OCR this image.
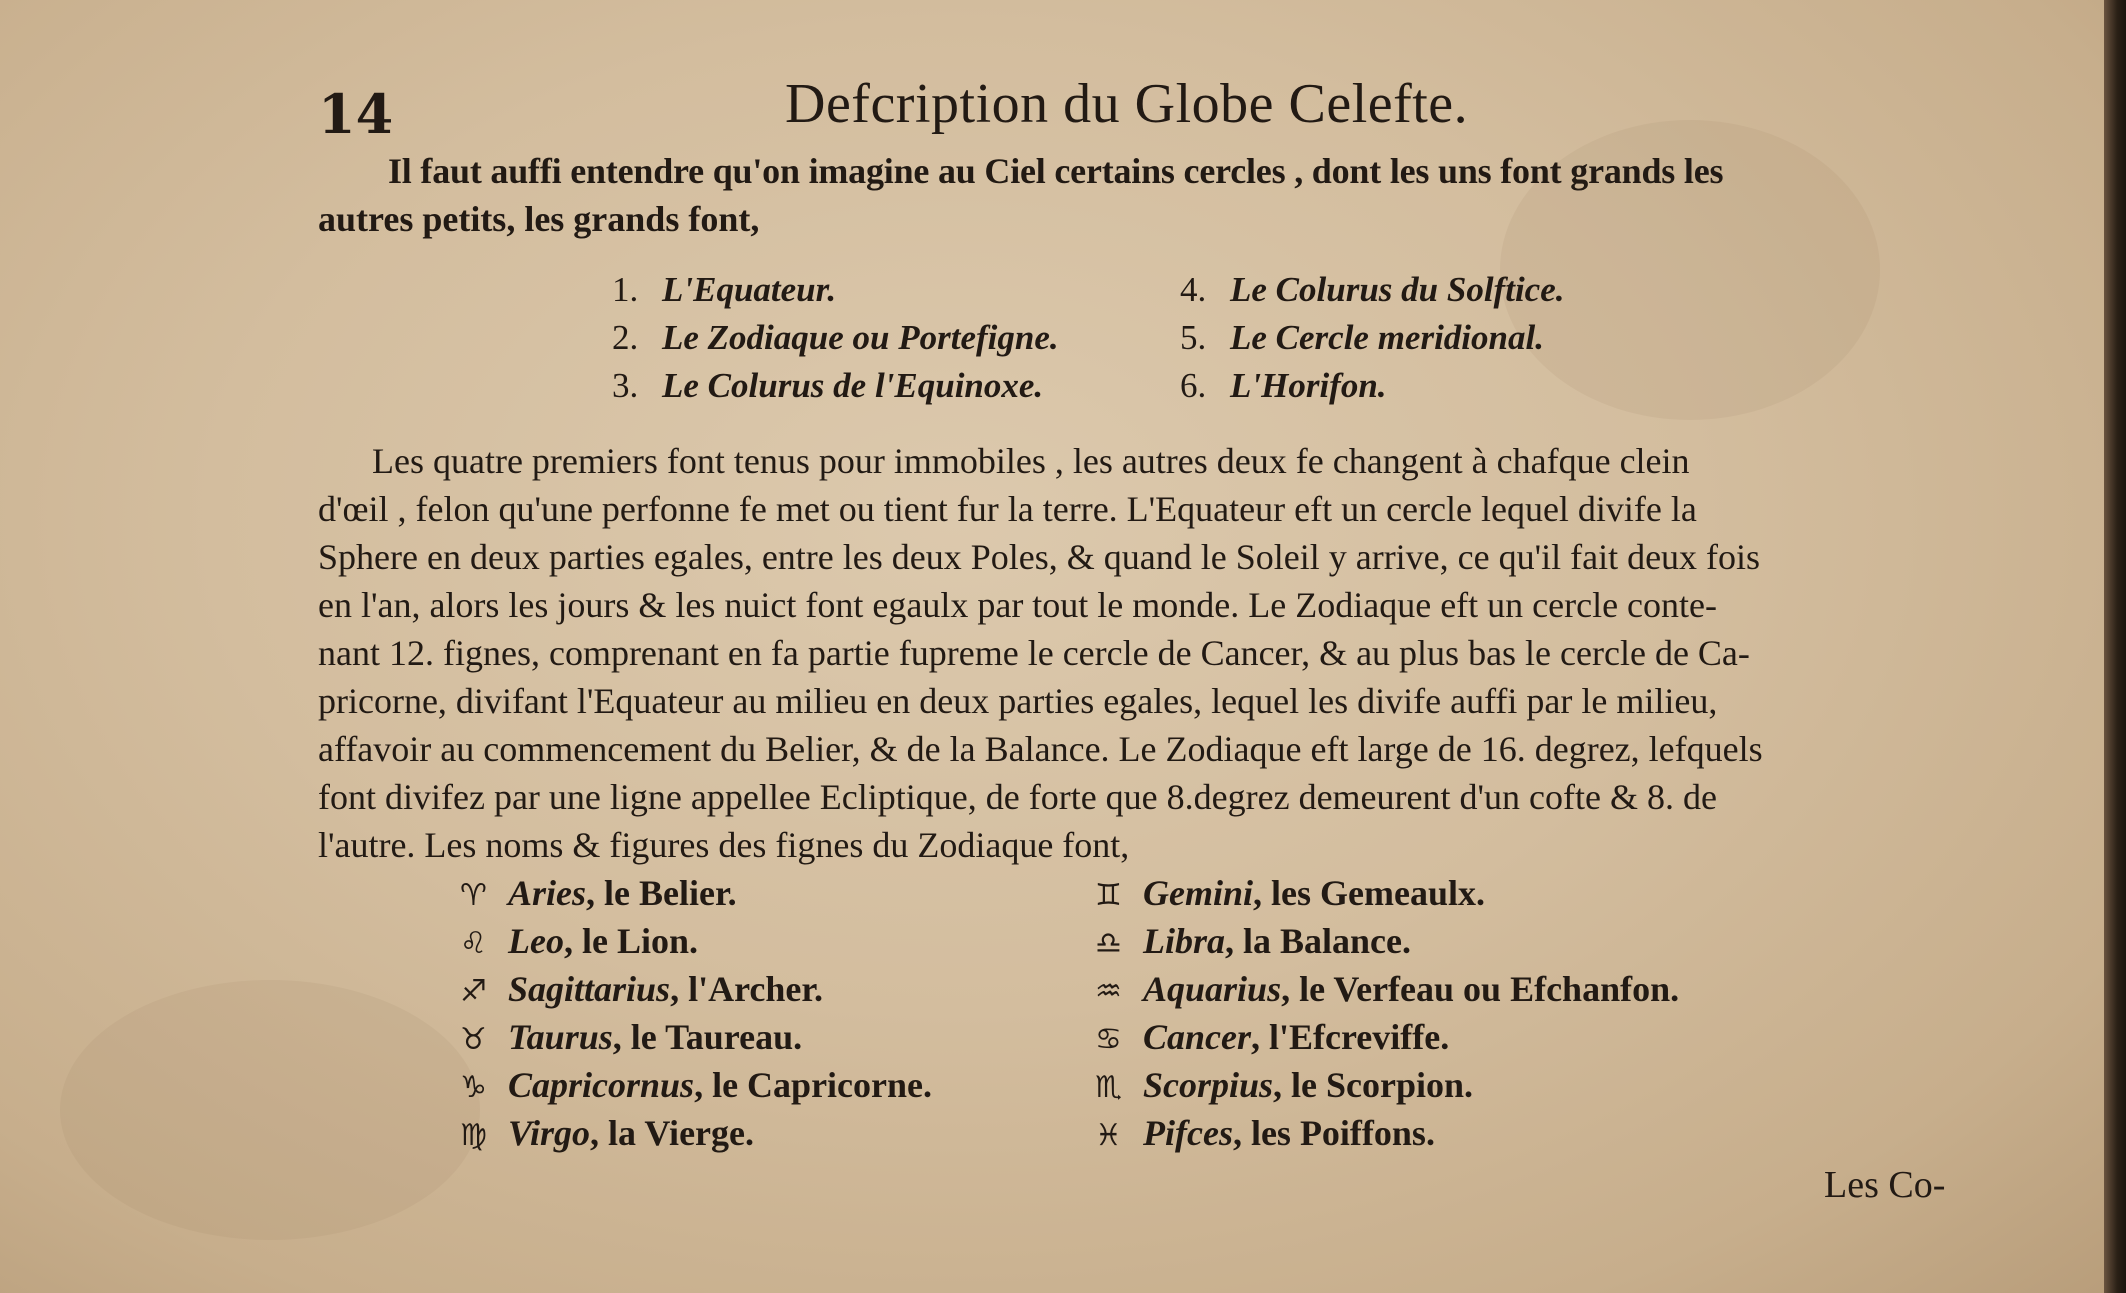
14	Defcription du Globe Celefte.
Il faut auffi entendre qu'on imagine au Ciel certains cercles , dont les uns font grands les
autres petits, les grands font,
1. L'Equateur.
2. Le Zodiaque ou Portefigne.
3. Le Colurus de l'Equinoxe.
4. Le Colurus du Solftice.
5. Le Cercle meridional.
6. L'Horifon.
Les quatre premiers font tenus pour immobiles , les autres deux fe changent à chafque clein
d'œil , felon qu'une perfonne fe met ou tient fur la terre. L'Equateur eft un cercle lequel divife la
Sphere en deux parties egales, entre les deux Poles, & quand le Soleil y arrive, ce qu'il fait deux fois
en l'an, alors les jours & les nuict font egaulx par tout le monde. Le Zodiaque eft un cercle conte-
nant 12. fignes, comprenant en fa partie fupreme le cercle de Cancer, & au plus bas le cercle de Ca-
pricorne, divifant l'Equateur au milieu en deux parties egales, lequel les divife auffi par le milieu,
affavoir au commencement du Belier, & de la Balance. Le Zodiaque eft large de 16. degrez, lefquels
font divifez par une ligne appellee Ecliptique, de forte que 8.degrez demeurent d'un cofte & 8. de
l'autre. Les noms & figures des fignes du Zodiaque font,
♈ Aries, le Belier.
♌ Leo, le Lion.
♐ Sagittarius, l'Archer.
♉ Taurus, le Taureau.
♑ Capricornus, le Capricorne.
♍ Virgo, la Vierge.
♊ Gemini, les Gemeaulx.
♎ Libra, la Balance.
♒ Aquarius, le Verfeau ou Efchanfon.
♋ Cancer, l'Efcreviffe.
♏ Scorpius, le Scorpion.
♓ Pifces, les Poiffons.
Les Co-
